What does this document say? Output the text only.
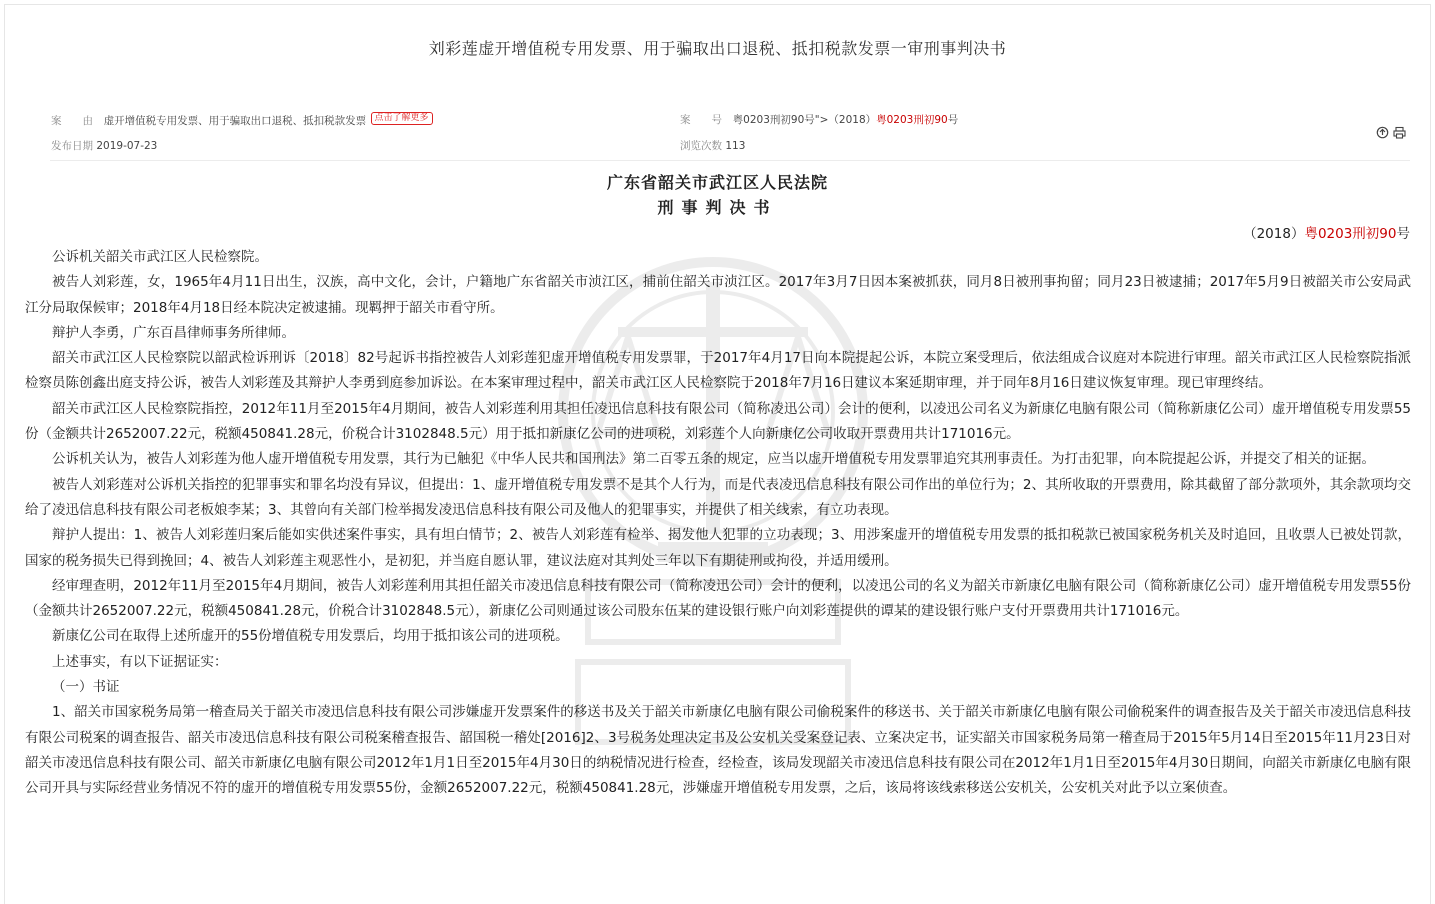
刘彩莲虚开增值税专用发票、用于骗取出口退税、抵扣税款发票一审刑事判决书
案　　由 虚开增值税专用发票、用于骗取出口退税、抵扣税款发票 点击了解更多	案　　号 粤0203刑初90号">（2018）粤0203刑初90号
发布日期 2019-07-23	浏览次数 113
广东省韶关市武江区人民法院
刑事判决书
（2018）粤0203刑初90号

公诉机关韶关市武江区人民检察院。

被告人刘彩莲，女，1965年4月11日出生，汉族，高中文化，会计，户籍地广东省韶关市浈江区，捕前住韶关市浈江区。2017年3月7日因本案被抓获，同月8日被刑事拘留；同月23日被逮捕；2017年5月9日被韶关市公安局武江分局取保候审；2018年4月18日经本院决定被逮捕。现羁押于韶关市看守所。

辩护人李勇，广东百昌律师事务所律师。

韶关市武江区人民检察院以韶武检诉刑诉〔2018〕82号起诉书指控被告人刘彩莲犯虚开增值税专用发票罪，于2017年4月17日向本院提起公诉，本院立案受理后，依法组成合议庭对本院进行审理。韶关市武江区人民检察院指派检察员陈创鑫出庭支持公诉，被告人刘彩莲及其辩护人李勇到庭参加诉讼。在本案审理过程中，韶关市武江区人民检察院于2018年7月16日建议本案延期审理，并于同年8月16日建议恢复审理。现已审理终结。

韶关市武江区人民检察院指控，2012年11月至2015年4月期间，被告人刘彩莲利用其担任凌迅信息科技有限公司（简称凌迅公司）会计的便利，以凌迅公司名义为新康亿电脑有限公司（简称新康亿公司）虚开增值税专用发票55份（金额共计2652007.22元，税额450841.28元，价税合计3102848.5元）用于抵扣新康亿公司的进项税，刘彩莲个人向新康亿公司收取开票费用共计171016元。

公诉机关认为，被告人刘彩莲为他人虚开增值税专用发票，其行为已触犯《中华人民共和国刑法》第二百零五条的规定，应当以虚开增值税专用发票罪追究其刑事责任。为打击犯罪，向本院提起公诉，并提交了相关的证据。

被告人刘彩莲对公诉机关指控的犯罪事实和罪名均没有异议，但提出：1、虚开增值税专用发票不是其个人行为，而是代表凌迅信息科技有限公司作出的单位行为；2、其所收取的开票费用，除其截留了部分款项外，其余款项均交给了凌迅信息科技有限公司老板娘李某；3、其曾向有关部门检举揭发凌迅信息科技有限公司及他人的犯罪事实，并提供了相关线索，有立功表现。

辩护人提出：1、被告人刘彩莲归案后能如实供述案件事实，具有坦白情节；2、被告人刘彩莲有检举、揭发他人犯罪的立功表现；3、用涉案虚开的增值税专用发票的抵扣税款已被国家税务机关及时追回，且收票人已被处罚款，国家的税务损失已得到挽回；4、被告人刘彩莲主观恶性小，是初犯，并当庭自愿认罪，建议法庭对其判处三年以下有期徒刑或拘役，并适用缓刑。

经审理查明，2012年11月至2015年4月期间，被告人刘彩莲利用其担任韶关市凌迅信息科技有限公司（简称凌迅公司）会计的便利，以凌迅公司的名义为韶关市新康亿电脑有限公司（简称新康亿公司）虚开增值税专用发票55份（金额共计2652007.22元，税额450841.28元，价税合计3102848.5元），新康亿公司则通过该公司股东伍某的建设银行账户向刘彩莲提供的谭某的建设银行账户支付开票费用共计171016元。

新康亿公司在取得上述所虚开的55份增值税专用发票后，均用于抵扣该公司的进项税。

上述事实，有以下证据证实：

（一）书证

1、韶关市国家税务局第一稽查局关于韶关市凌迅信息科技有限公司涉嫌虚开发票案件的移送书及关于韶关市新康亿电脑有限公司偷税案件的移送书、关于韶关市新康亿电脑有限公司偷税案件的调查报告及关于韶关市凌迅信息科技有限公司税案的调查报告、韶关市凌迅信息科技有限公司税案稽查报告、韶国税一稽处[2016]2、3号税务处理决定书及公安机关受案登记表、立案决定书，证实韶关市国家税务局第一稽查局于2015年5月14日至2015年11月23日对韶关市凌迅信息科技有限公司、韶关市新康亿电脑有限公司2012年1月1日至2015年4月30日的纳税情况进行检查，经检查，该局发现韶关市凌迅信息科技有限公司在2012年1月1日至2015年4月30日期间，向韶关市新康亿电脑有限公司开具与实际经营业务情况不符的虚开的增值税专用发票55份，金额2652007.22元，税额450841.28元，涉嫌虚开增值税专用发票，之后，该局将该线索移送公安机关，公安机关对此予以立案侦查。
